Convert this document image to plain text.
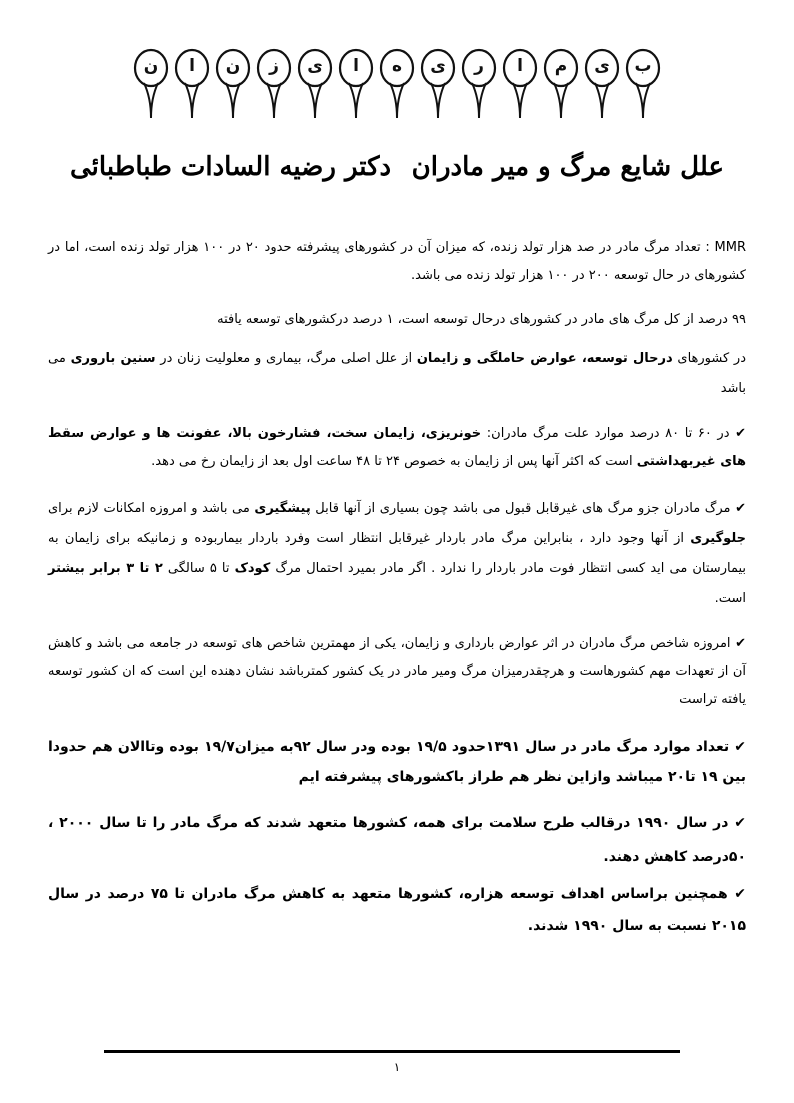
ن	ا	ن	ز	ی	ا	ه	ی	ر	ا	م	ی	ب
علل شایع مرگ و میر مادران
دکتر رضیه السادات طباطبائی
MMR : تعداد مرگ مادر در صد هزار تولد زنده، که میزان آن در کشورهای پیشرفته حدود ۲۰ در ۱۰۰ هزار تولد زنده است، اما در کشورهای در حال توسعه ۲۰۰ در ۱۰۰ هزار تولد زنده می باشد.
۹۹ درصد از کل مرگ های مادر در کشورهای درحال توسعه است، ۱ درصد درکشورهای توسعه یافته
در کشورهای درحال توسعه، عوارض حاملگی و زایمان از علل اصلی مرگ، بیماری و معلولیت زنان در سنین باروری می باشد
✔ در ۶۰ تا ۸۰ درصد موارد علت مرگ مادران: خونریزی، زایمان سخت، فشارخون بالا، عفونت ها و عوارض سقط های غیربهداشتی است که اکثر آنها پس از زایمان به خصوص ۲۴ تا ۴۸ ساعت اول بعد از زایمان رخ می دهد.
✔ مرگ مادران جزو مرگ های غیرقابل قبول می باشد چون بسیاری از آنها قابل پیشگیری می باشد و امروزه امکانات لازم برای جلوگیری از آنها وجود دارد ، بنابراین مرگ مادر باردار غیرقابل انتظار است وفرد باردار بیماربوده و زمانیکه برای زایمان به بیمارستان می اید کسی انتظار فوت مادر باردار را ندارد . اگر مادر بمیرد احتمال مرگ کودک تا ۵ سالگی ۲ تا ۳ برابر بیشتر است.
✔ امروزه شاخص مرگ مادران در اثر عوارض بارداری و زایمان، یکی از مهمترین شاخص های توسعه در جامعه می باشد و کاهش آن از تعهدات مهم کشورهاست و هرچقدرمیزان مرگ ومیر مادر در یک کشور کمترباشد نشان دهنده این است که ان کشور توسعه یافته تراست
✔ تعداد موارد مرگ مادر در سال ۱۳۹۱حدود ۱۹/۵ بوده ودر سال ۹۲به میزان۱۹/۷ بوده وتاالان هم حدودا بین ۱۹ تا۲۰ میباشد وازاین نظر هم طراز باکشورهای پیشرفته ایم
✔ در سال ۱۹۹۰ درقالب طرح سلامت برای همه، کشورها متعهد شدند که مرگ مادر را تا سال ۲۰۰۰ ، ۵۰درصد کاهش دهند.
✔ همچنین براساس اهداف توسعه هزاره، کشورها متعهد به کاهش مرگ مادران تا ۷۵ درصد در سال ۲۰۱۵ نسبت به سال ۱۹۹۰ شدند.
۱
